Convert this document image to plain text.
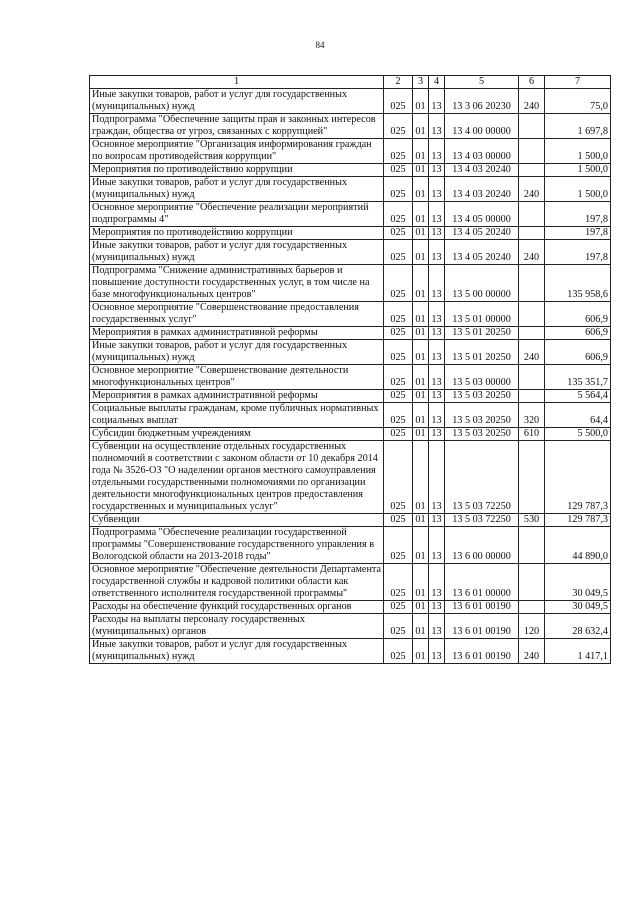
84
1	2	3	4	5	6	7
Иные закупки товаров, работ и услуг для государственных (муниципальных) нужд	025	01	13	13 3 06 20230	240	75,0
Подпрограмма "Обеспечение защиты прав и законных интересов граждан, общества от угроз, связанных с коррупцией"	025	01	13	13 4 00 00000		1 697,8
Основное мероприятие "Организация информирования граждан по вопросам противодействия коррупции"	025	01	13	13 4 03 00000		1 500,0
Мероприятия по противодействию коррупции	025	01	13	13 4 03 20240		1 500,0
Иные закупки товаров, работ и услуг для государственных (муниципальных) нужд	025	01	13	13 4 03 20240	240	1 500,0
Основное мероприятие "Обеспечение реализации мероприятий подпрограммы 4"	025	01	13	13 4 05 00000		197,8
Мероприятия по противодействию коррупции	025	01	13	13 4 05 20240		197,8
Иные закупки товаров, работ и услуг для государственных (муниципальных) нужд	025	01	13	13 4 05 20240	240	197,8
Подпрограмма "Снижение административных барьеров и повышение доступности государственных услуг, в том числе на базе многофункциональных центров"	025	01	13	13 5 00 00000		135 958,6
Основное мероприятие "Совершенствование предоставления государственных услуг"	025	01	13	13 5 01 00000		606,9
Мероприятия в рамках административной реформы	025	01	13	13 5 01 20250		606,9
Иные закупки товаров, работ и услуг для государственных (муниципальных) нужд	025	01	13	13 5 01 20250	240	606,9
Основное мероприятие "Совершенствование деятельности многофункциональных центров"	025	01	13	13 5 03 00000		135 351,7
Мероприятия в рамках административной реформы	025	01	13	13 5 03 20250		5 564,4
Социальные выплаты гражданам, кроме публичных нормативных социальных выплат	025	01	13	13 5 03 20250	320	64,4
Субсидии бюджетным учреждениям	025	01	13	13 5 03 20250	610	5 500,0
Субвенции на осуществление отдельных государственных полномочий в соответствии с законом области от 10 декабря 2014 года № 3526-ОЗ "О наделении органов местного самоуправления отдельными государственными полномочиями по организации деятельности многофункциональных центров предоставления государственных и муниципальных услуг"	025	01	13	13 5 03 72250		129 787,3
Субвенции	025	01	13	13 5 03 72250	530	129 787,3
Подпрограмма "Обеспечение реализации государственной программы "Совершенствование государственного управления в Вологодской области на 2013-2018 годы"	025	01	13	13 6 00 00000		44 890,0
Основное мероприятие "Обеспечение деятельности Департамента государственной службы и кадровой политики области как ответственного исполнителя государственной программы"	025	01	13	13 6 01 00000		30 049,5
Расходы на обеспечение функций государственных органов	025	01	13	13 6 01 00190		30 049,5
Расходы на выплаты персоналу государственных (муниципальных) органов	025	01	13	13 6 01 00190	120	28 632,4
Иные закупки товаров, работ и услуг для государственных (муниципальных) нужд	025	01	13	13 6 01 00190	240	1 417,1
